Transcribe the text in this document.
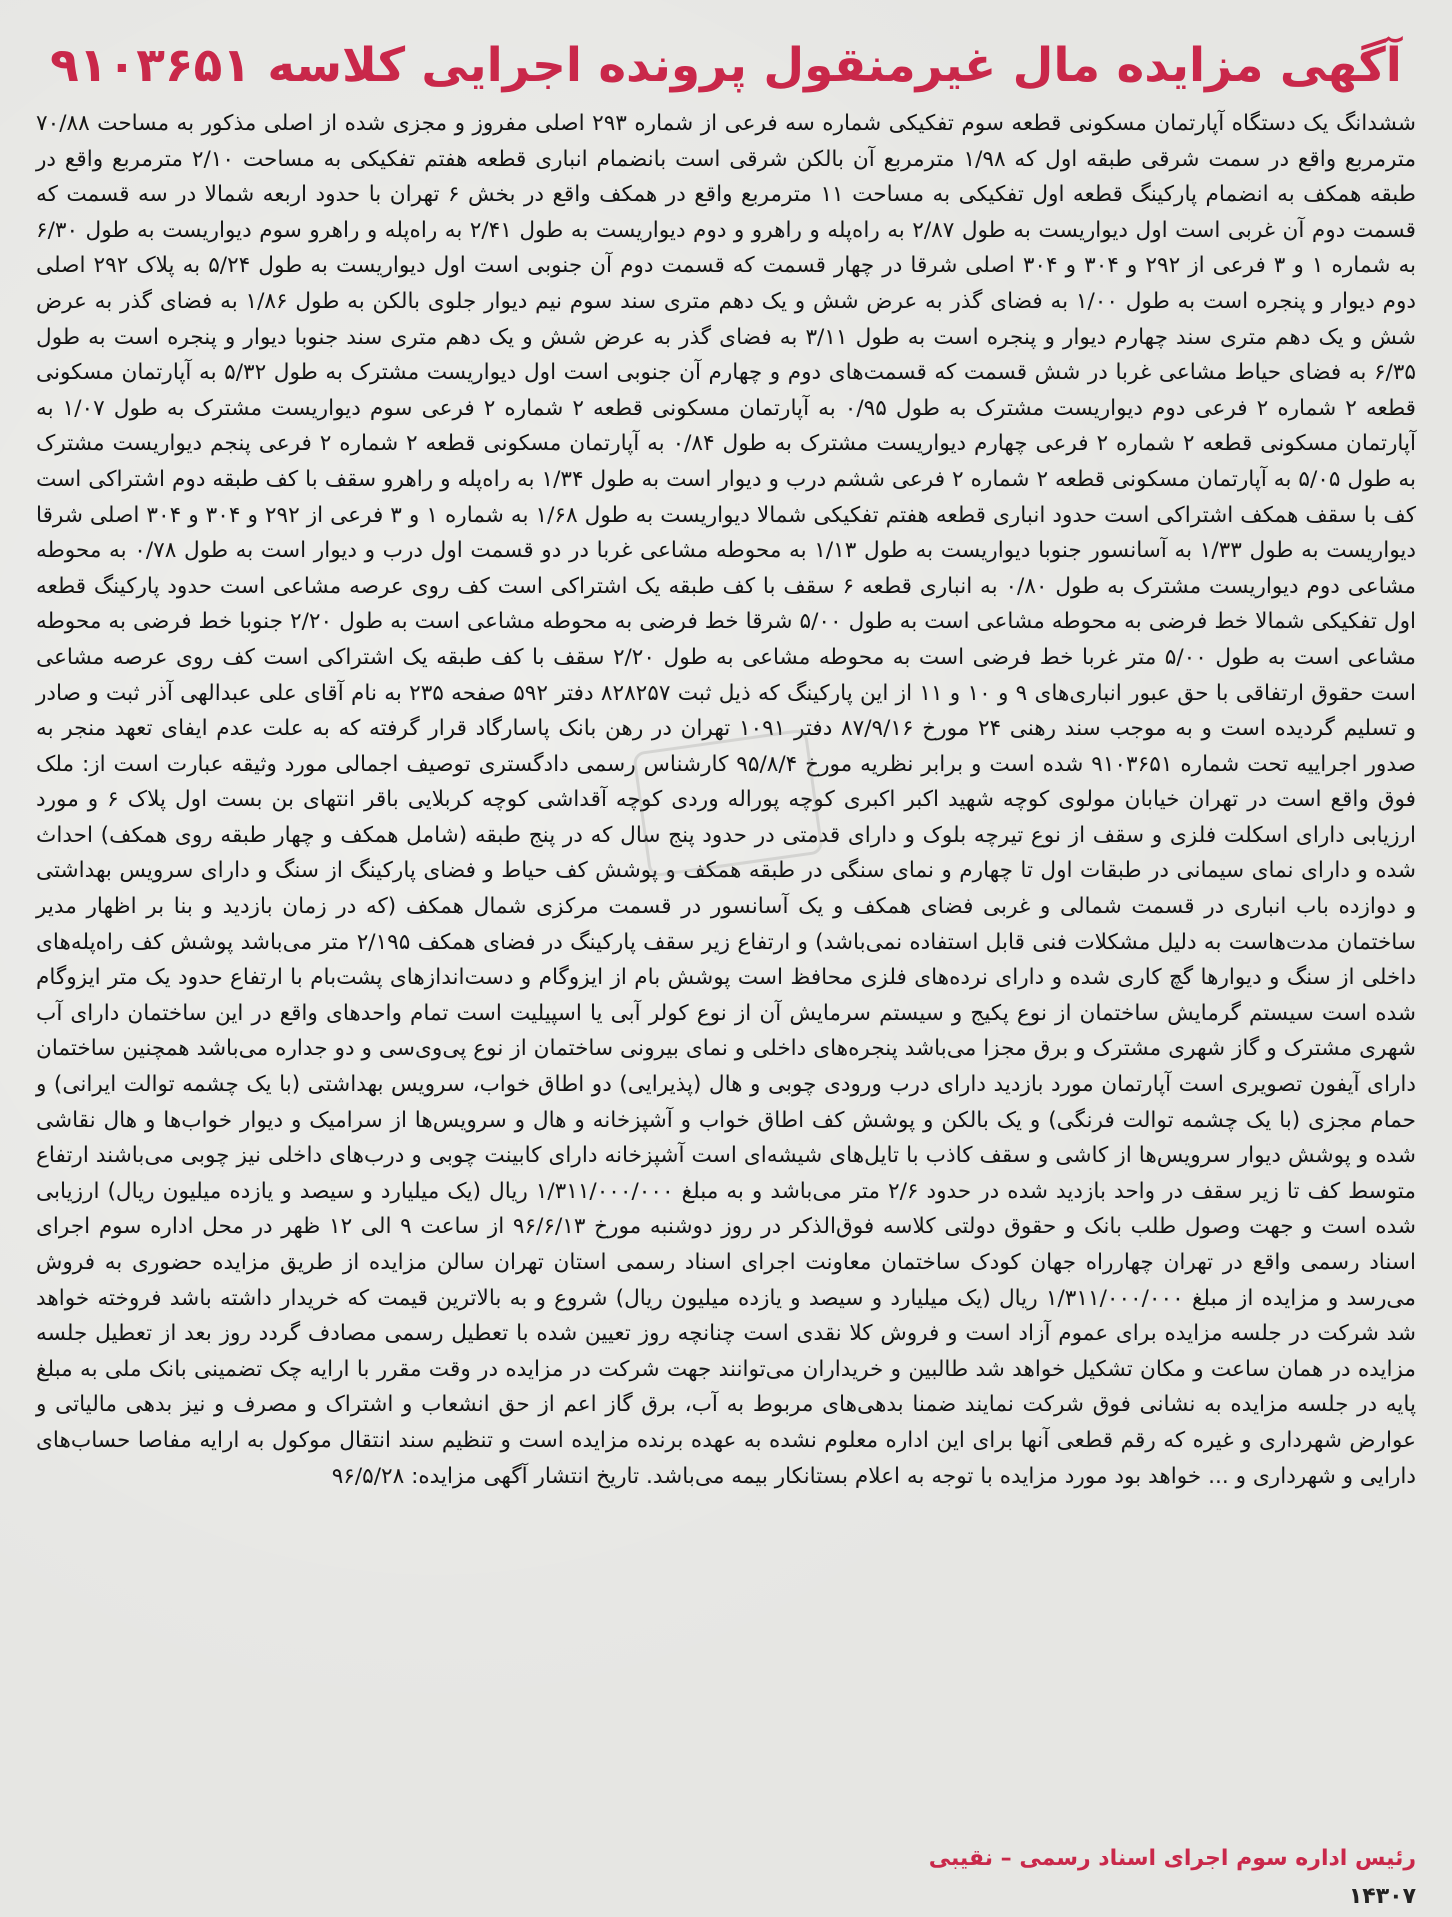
آگهی مزایده مال غیرمنقول پرونده اجرایی کلاسه ۹۱۰۳۶۵۱

ششدانگ یک دستگاه آپارتمان مسکونی قطعه سوم تفکیکی شماره سه فرعی از شماره ۲۹۳ اصلی مفروز و مجزی شده از اصلی مذکور به مساحت ۷۰/۸۸ مترمربع واقع در سمت شرقی طبقه اول که ۱/۹۸ مترمربع آن بالکن شرقی است بانضمام انباری قطعه هفتم تفکیکی به مساحت ۲/۱۰ مترمربع واقع در طبقه همکف به انضمام پارکینگ قطعه اول تفکیکی به مساحت ۱۱ مترمربع واقع در همکف واقع در بخش ۶ تهران با حدود اربعه شمالا در سه قسمت که قسمت دوم آن غربی است اول دیواریست به طول ۲/۸۷ به راه‌پله و راهرو و دوم دیواریست به طول ۲/۴۱ به راه‌پله و راهرو سوم دیواریست به طول ۶/۳۰ به شماره ۱ و ۳ فرعی از ۲۹۲ و ۳۰۴ و ۳۰۴ اصلی شرقا در چهار قسمت که قسمت دوم آن جنوبی است اول دیواریست به طول ۵/۲۴ به پلاک ۲۹۲ اصلی دوم دیوار و پنجره است به طول ۱/۰۰ به فضای گذر به عرض شش و یک دهم متری سند سوم نیم دیوار جلوی بالکن به طول ۱/۸۶ به فضای گذر به عرض شش و یک دهم متری سند چهارم دیوار و پنجره است به طول ۳/۱۱ به فضای گذر به عرض شش و یک دهم متری سند جنوبا دیوار و پنجره است به طول ۶/۳۵ به فضای حیاط مشاعی غربا در شش قسمت که قسمت‌های دوم و چهارم آن جنوبی است اول دیواریست مشترک به طول ۵/۳۲ به آپارتمان مسکونی قطعه ۲ شماره ۲ فرعی دوم دیواریست مشترک به طول ۰/۹۵ به آپارتمان مسکونی قطعه ۲ شماره ۲ فرعی سوم دیواریست مشترک به طول ۱/۰۷ به آپارتمان مسکونی قطعه ۲ شماره ۲ فرعی چهارم دیواریست مشترک به طول ۰/۸۴ به آپارتمان مسکونی قطعه ۲ شماره ۲ فرعی پنجم دیواریست مشترک به طول ۵/۰۵ به آپارتمان مسکونی قطعه ۲ شماره ۲ فرعی ششم درب و دیوار است به طول ۱/۳۴ به راه‌پله و راهرو سقف با کف طبقه دوم اشتراکی است کف با سقف همکف اشتراکی است حدود انباری قطعه هفتم تفکیکی شمالا دیواریست به طول ۱/۶۸ به شماره ۱ و ۳ فرعی از ۲۹۲ و ۳۰۴ و ۳۰۴ اصلی شرقا دیواریست به طول ۱/۳۳ به آسانسور جنوبا دیواریست به طول ۱/۱۳ به محوطه مشاعی غربا در دو قسمت اول درب و دیوار است به طول ۰/۷۸ به محوطه مشاعی دوم دیواریست مشترک به طول ۰/۸۰ به انباری قطعه ۶ سقف با کف طبقه یک اشتراکی است کف روی عرصه مشاعی است حدود پارکینگ قطعه اول تفکیکی شمالا خط فرضی به محوطه مشاعی است به طول ۵/۰۰ شرقا خط فرضی به محوطه مشاعی است به طول ۲/۲۰ جنوبا خط فرضی به محوطه مشاعی است به طول ۵/۰۰ متر غربا خط فرضی است به محوطه مشاعی به طول ۲/۲۰ سقف با کف طبقه یک اشتراکی است کف روی عرصه مشاعی است حقوق ارتفاقی با حق عبور انباری‌های ۹ و ۱۰ و ۱۱ از این پارکینگ که ذیل ثبت ۸۲۸۲۵۷ دفتر ۵۹۲ صفحه ۲۳۵ به نام آقای علی عبدالهی آذر ثبت و صادر و تسلیم گردیده است و به موجب سند رهنی ۲۴ مورخ ۸۷/۹/۱۶ دفتر ۱۰۹۱ تهران در رهن بانک پاسارگاد قرار گرفته که به علت عدم ایفای تعهد منجر به صدور اجراییه تحت شماره ۹۱۰۳۶۵۱ شده است و برابر نظریه مورخ ۹۵/۸/۴ کارشناس رسمی دادگستری توصیف اجمالی مورد وثیقه عبارت است از: ملک فوق واقع است در تهران خیابان مولوی کوچه شهید اکبر اکبری کوچه پوراله وردی کوچه آقداشی کوچه کربلایی باقر انتهای بن بست اول پلاک ۶ و مورد ارزیابی دارای اسکلت فلزی و سقف از نوع تیرچه بلوک و دارای قدمتی در حدود پنج سال که در پنج طبقه (شامل همکف و چهار طبقه روی همکف) احداث شده و دارای نمای سیمانی در طبقات اول تا چهارم و نمای سنگی در طبقه همکف و پوشش کف حیاط و فضای پارکینگ از سنگ و دارای سرویس بهداشتی و دوازده باب انباری در قسمت شمالی و غربی فضای همکف و یک آسانسور در قسمت مرکزی شمال همکف (که در زمان بازدید و بنا بر اظهار مدیر ساختمان مدت‌هاست به دلیل مشکلات فنی قابل استفاده نمی‌باشد) و ارتفاع زیر سقف پارکینگ در فضای همکف ۲/۱۹۵ متر می‌باشد پوشش کف راه‌پله‌های داخلی از سنگ و دیوارها گچ کاری شده و دارای نرده‌های فلزی محافظ است پوشش بام از ایزوگام و دست‌اندازهای پشت‌بام با ارتفاع حدود یک متر ایزوگام شده است سیستم گرمایش ساختمان از نوع پکیج و سیستم سرمایش آن از نوع کولر آبی یا اسپیلیت است تمام واحدهای واقع در این ساختمان دارای آب شهری مشترک و گاز شهری مشترک و برق مجزا می‌باشد پنجره‌های داخلی و نمای بیرونی ساختمان از نوع پی‌وی‌سی و دو جداره می‌باشد همچنین ساختمان دارای آیفون تصویری است آپارتمان مورد بازدید دارای درب ورودی چوبی و هال (پذیرایی) دو اطاق خواب، سرویس بهداشتی (با یک چشمه توالت ایرانی) و حمام مجزی (با یک چشمه توالت فرنگی) و یک بالکن و پوشش کف اطاق خواب و آشپزخانه و هال و سرویس‌ها از سرامیک و دیوار خواب‌ها و هال نقاشی شده و پوشش دیوار سرویس‌ها از کاشی و سقف کاذب با تایل‌های شیشه‌ای است آشپزخانه دارای کابینت چوبی و درب‌های داخلی نیز چوبی می‌باشند ارتفاع متوسط کف تا زیر سقف در واحد بازدید شده در حدود ۲/۶ متر می‌باشد و به مبلغ ۱/۳۱۱/۰۰۰/۰۰۰ ریال (یک میلیارد و سیصد و یازده میلیون ریال) ارزیابی شده است و جهت وصول طلب بانک و حقوق دولتی کلاسه فوق‌الذکر در روز دوشنبه مورخ ۹۶/۶/۱۳ از ساعت ۹ الی ۱۲ ظهر در محل اداره سوم اجرای اسناد رسمی واقع در تهران چهارراه جهان کودک ساختمان معاونت اجرای اسناد رسمی استان تهران سالن مزایده از طریق مزایده حضوری به فروش می‌رسد و مزایده از مبلغ ۱/۳۱۱/۰۰۰/۰۰۰ ریال (یک میلیارد و سیصد و یازده میلیون ریال) شروع و به بالاترین قیمت که خریدار داشته باشد فروخته خواهد شد شرکت در جلسه مزایده برای عموم آزاد است و فروش کلا نقدی است چنانچه روز تعیین شده با تعطیل رسمی مصادف گردد روز بعد از تعطیل جلسه مزایده در همان ساعت و مکان تشکیل خواهد شد طالبین و خریداران می‌توانند جهت شرکت در مزایده در وقت مقرر با ارایه چک تضمینی بانک ملی به مبلغ پایه در جلسه مزایده به نشانی فوق شرکت نمایند ضمنا بدهی‌های مربوط به آب، برق گاز اعم از حق انشعاب و اشتراک و مصرف و نیز بدهی مالیاتی و عوارض شهرداری و غیره که رقم قطعی آنها برای این اداره معلوم نشده به عهده برنده مزایده است و تنظیم سند انتقال موکول به ارایه مفاصا حساب‌های دارایی و شهرداری و ... خواهد بود مورد مزایده با توجه به اعلام بستانکار بیمه می‌باشد. تاریخ انتشار آگهی مزایده: ۹۶/۵/۲۸

رئیس اداره سوم اجرای اسناد رسمی – نقیبی
۱۴۳۰۷
